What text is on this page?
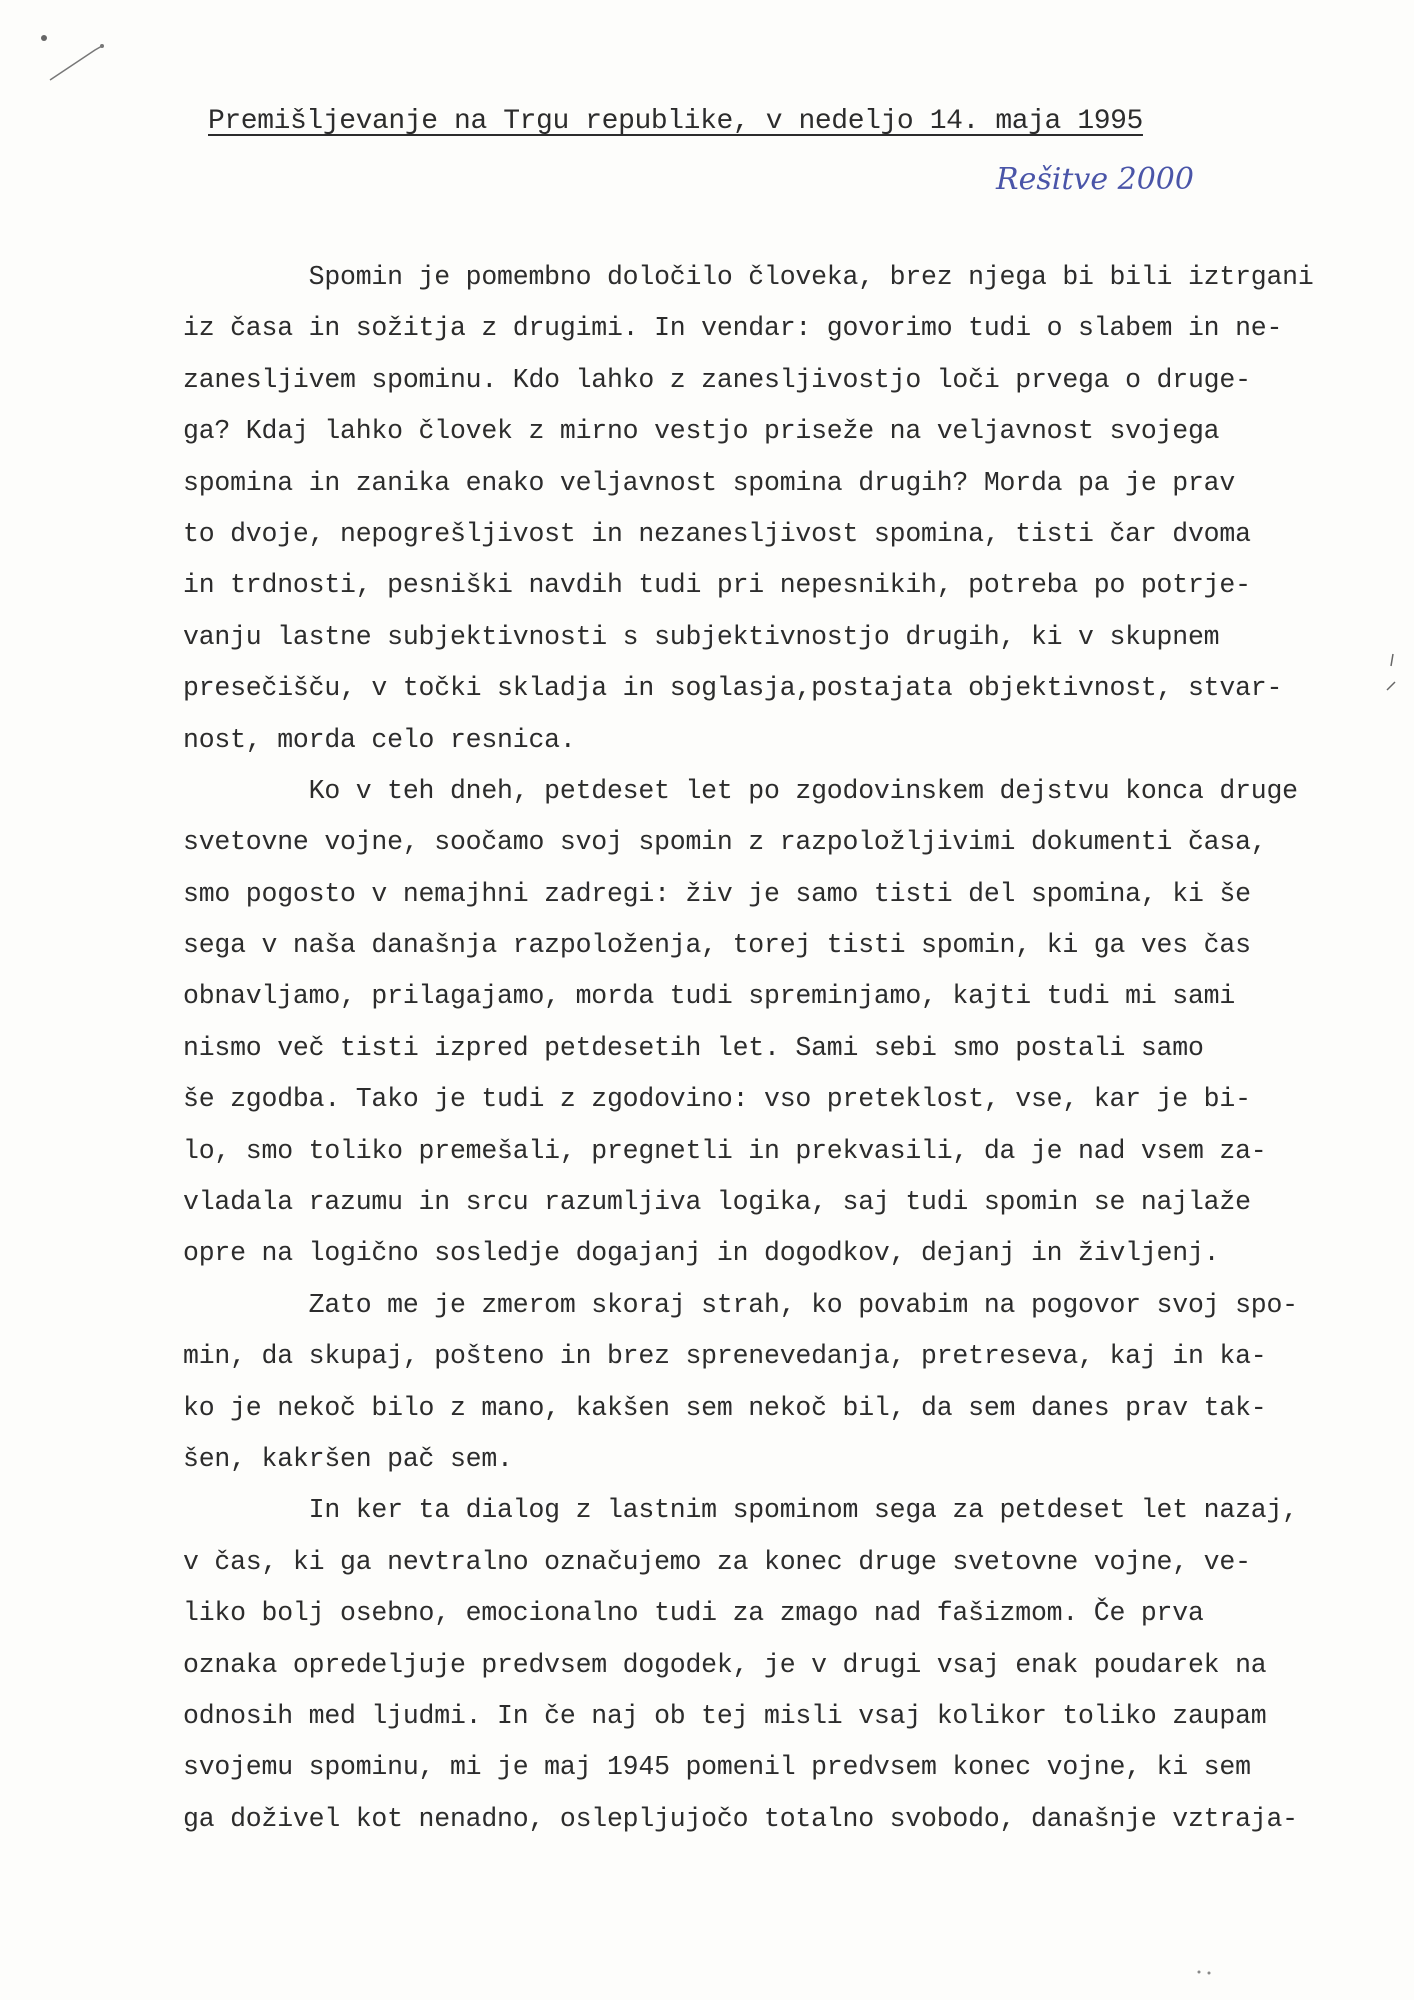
Premišljevanje na Trgu republike, v nedeljo 14. maja 1995
Rešitve 2000
Spomin je pomembno določilo človeka, brez njega bi bili iztrgani
iz časa in sožitja z drugimi. In vendar: govorimo tudi o slabem in ne-
zanesljivem spominu. Kdo lahko z zanesljivostjo loči prvega o druge-
ga? Kdaj lahko človek z mirno vestjo priseže na veljavnost svojega
spomina in zanika enako veljavnost spomina drugih? Morda pa je prav
to dvoje, nepogrešljivost in nezanesljivost spomina, tisti čar dvoma
in trdnosti, pesniški navdih tudi pri nepesnikih, potreba po potrje-
vanju lastne subjektivnosti s subjektivnostjo drugih, ki v skupnem
presečišču, v točki skladja in soglasja,postajata objektivnost, stvar-
nost, morda celo resnica.
Ko v teh dneh, petdeset let po zgodovinskem dejstvu konca druge
svetovne vojne, soočamo svoj spomin z razpoložljivimi dokumenti časa,
smo pogosto v nemajhni zadregi: živ je samo tisti del spomina, ki še
sega v naša današnja razpoloženja, torej tisti spomin, ki ga ves čas
obnavljamo, prilagajamo, morda tudi spreminjamo, kajti tudi mi sami
nismo več tisti izpred petdesetih let. Sami sebi smo postali samo
še zgodba. Tako je tudi z zgodovino: vso preteklost, vse, kar je bi-
lo, smo toliko premešali, pregnetli in prekvasili, da je nad vsem za-
vladala razumu in srcu razumljiva logika, saj tudi spomin se najlaže
opre na logično sosledje dogajanj in dogodkov, dejanj in življenj.
Zato me je zmerom skoraj strah, ko povabim na pogovor svoj spo-
min, da skupaj, pošteno in brez sprenevedanja, pretreseva, kaj in ka-
ko je nekoč bilo z mano, kakšen sem nekoč bil, da sem danes prav tak-
šen, kakršen pač sem.
In ker ta dialog z lastnim spominom sega za petdeset let nazaj,
v čas, ki ga nevtralno označujemo za konec druge svetovne vojne, ve-
liko bolj osebno, emocionalno tudi za zmago nad fašizmom. Če prva
oznaka opredeljuje predvsem dogodek, je v drugi vsaj enak poudarek na
odnosih med ljudmi. In če naj ob tej misli vsaj kolikor toliko zaupam
svojemu spominu, mi je maj 1945 pomenil predvsem konec vojne, ki sem
ga doživel kot nenadno, oslepljujočo totalno svobodo, današnje vztraja-
